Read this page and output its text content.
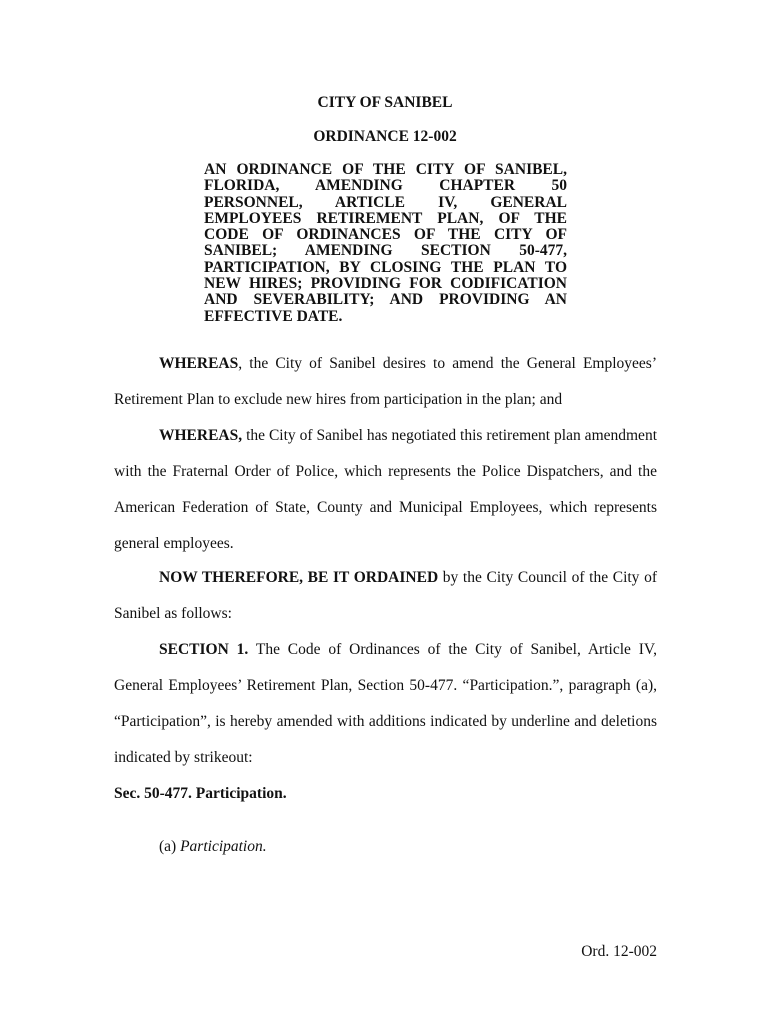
CITY OF SANIBEL
ORDINANCE 12-002

AN ORDINANCE OF THE CITY OF SANIBEL, FLORIDA, AMENDING CHAPTER 50 PERSONNEL, ARTICLE IV, GENERAL EMPLOYEES RETIREMENT PLAN, OF THE CODE OF ORDINANCES OF THE CITY OF SANIBEL; AMENDING SECTION 50-477, PARTICIPATION, BY CLOSING THE PLAN TO NEW HIRES; PROVIDING FOR CODIFICATION AND SEVERABILITY; AND PROVIDING AN EFFECTIVE DATE.

WHEREAS, the City of Sanibel desires to amend the General Employees’ Retirement Plan to exclude new hires from participation in the plan; and

WHEREAS, the City of Sanibel has negotiated this retirement plan amendment with the Fraternal Order of Police, which represents the Police Dispatchers, and the American Federation of State, County and Municipal Employees, which represents general employees.

NOW THEREFORE, BE IT ORDAINED by the City Council of the City of Sanibel as follows:

SECTION 1. The Code of Ordinances of the City of Sanibel, Article IV, General Employees’ Retirement Plan, Section 50-477. “Participation.”, paragraph (a), “Participation”, is hereby amended with additions indicated by underline and deletions indicated by strikeout:

Sec. 50-477. Participation.
(a) Participation.
Ord. 12-002
